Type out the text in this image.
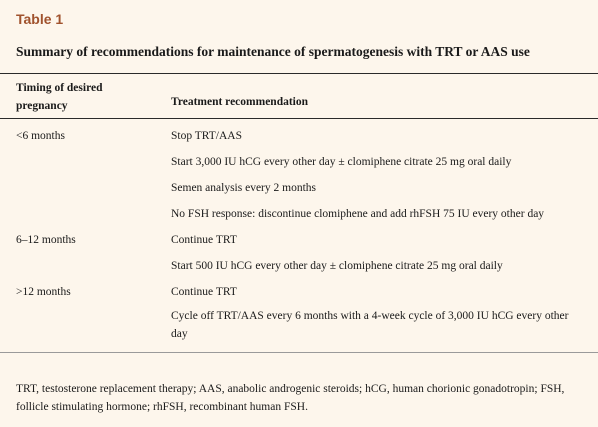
Table 1
Summary of recommendations for maintenance of spermatogenesis with TRT or AAS use
Timing of desired pregnancy	Treatment recommendation
<6 months	Stop TRT/AAS
Start 3,000 IU hCG every other day ± clomiphene citrate 25 mg oral daily
Semen analysis every 2 months
No FSH response: discontinue clomiphene and add rhFSH 75 IU every other day
6–12 months	Continue TRT
Start 500 IU hCG every other day ± clomiphene citrate 25 mg oral daily
>12 months	Continue TRT
Cycle off TRT/AAS every 6 months with a 4-week cycle of 3,000 IU hCG every other day

TRT, testosterone replacement therapy; AAS, anabolic androgenic steroids; hCG, human chorionic gonadotropin; FSH, follicle stimulating hormone; rhFSH, recombinant human FSH.
